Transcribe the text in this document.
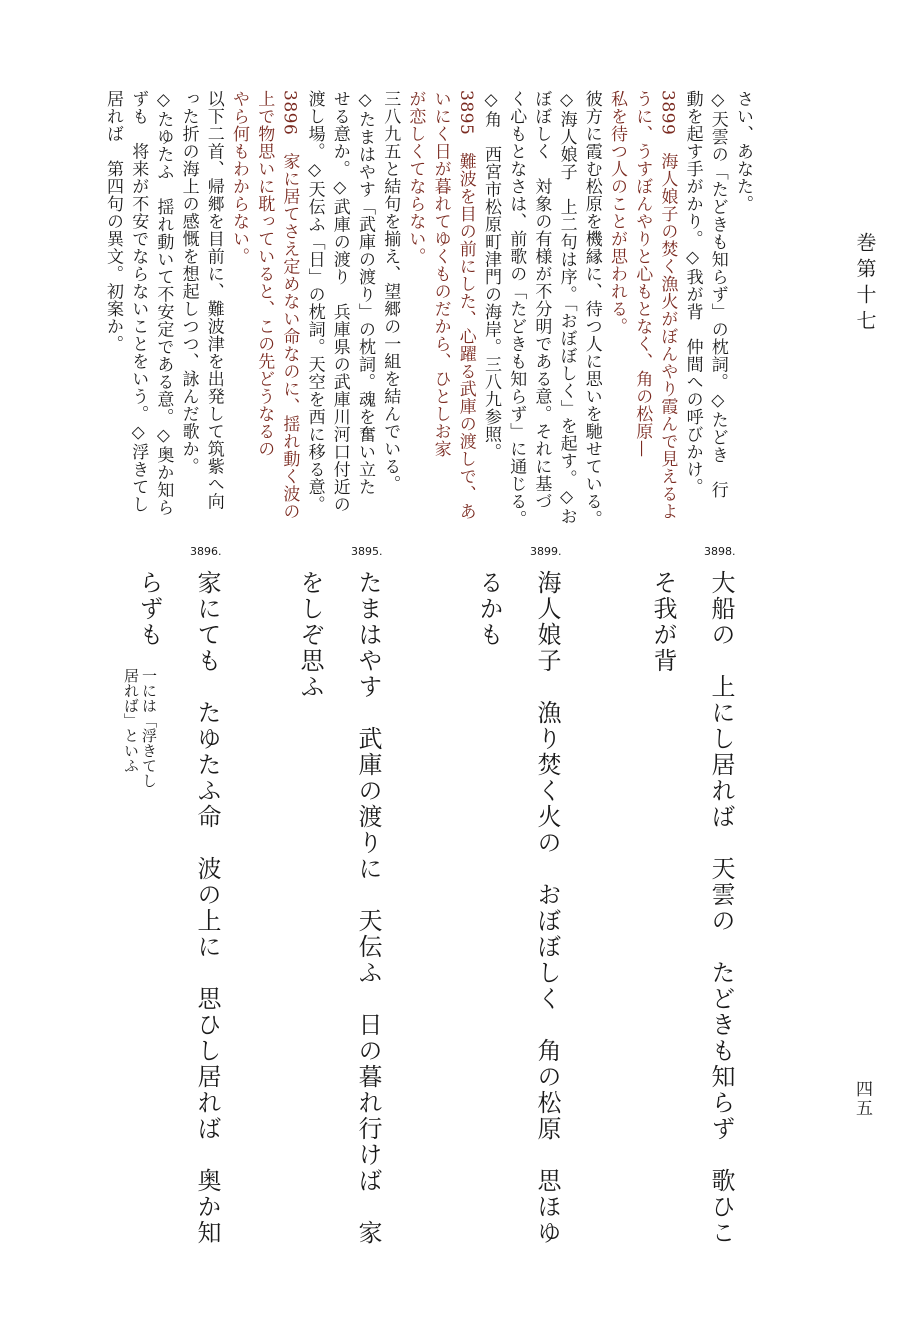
巻第十七
さい、あなた。
◇天雲の「たどきも知らず」の枕詞。◇たどき　行
動を起す手がかり。◇我が背　仲間への呼びかけ。
3899　海人娘子の焚く漁火がぼんやり霞んで見えるよ
うに、うすぼんやりと心もとなく、角の松原—
私を待つ人のことが思われる。
彼方に霞む松原を機縁に、待つ人に思いを馳せている。
◇海人娘子　上二句は序。「おぼぼしく」を起す。◇お
ぼぼしく　対象の有様が不分明である意。それに基づ
く心もとなさは、前歌の「たどきも知らず」に通じる。
◇角　西宮市松原町津門の海岸。三八九参照。
3895　難波を目の前にした、心躍る武庫の渡しで、あ
いにく日が暮れてゆくものだから、ひとしお家
が恋しくてならない。
三八九五と結句を揃え、望郷の一組を結んでいる。
◇たまはやす「武庫の渡り」の枕詞。魂を奮い立た
せる意か。◇武庫の渡り　兵庫県の武庫川河口付近の
渡し場。◇天伝ふ「日」の枕詞。天空を西に移る意。
3896　家に居てさえ定めない命なのに、揺れ動く波の
上で物思いに耽っていると、この先どうなるの
やら何もわからない。
以下二首、帰郷を目前に、難波津を出発して筑紫へ向
った折の海上の感慨を想起しつつ、詠んだ歌か。
◇たゆたふ　揺れ動いて不安定である意。◇奥か知ら
ずも　将来が不安でならないことをいう。◇浮きてし
居れば　第四句の異文。初案か。
3898.
大船の　上にし居れば　天雲の　たどきも知らず　歌ひこ
そ我が背
3899.
海人娘子　漁り焚く火の　おぼぼしく　角の松原　思ほゆ
るかも
3895.
たまはやす　武庫の渡りに　天伝ふ　日の暮れ行けば　家
をしぞ思ふ
3896.
家にても　たゆたふ命　波の上に　思ひし居れば　奥か知
らずも
一には「浮きてし居れば」といふ
四五
